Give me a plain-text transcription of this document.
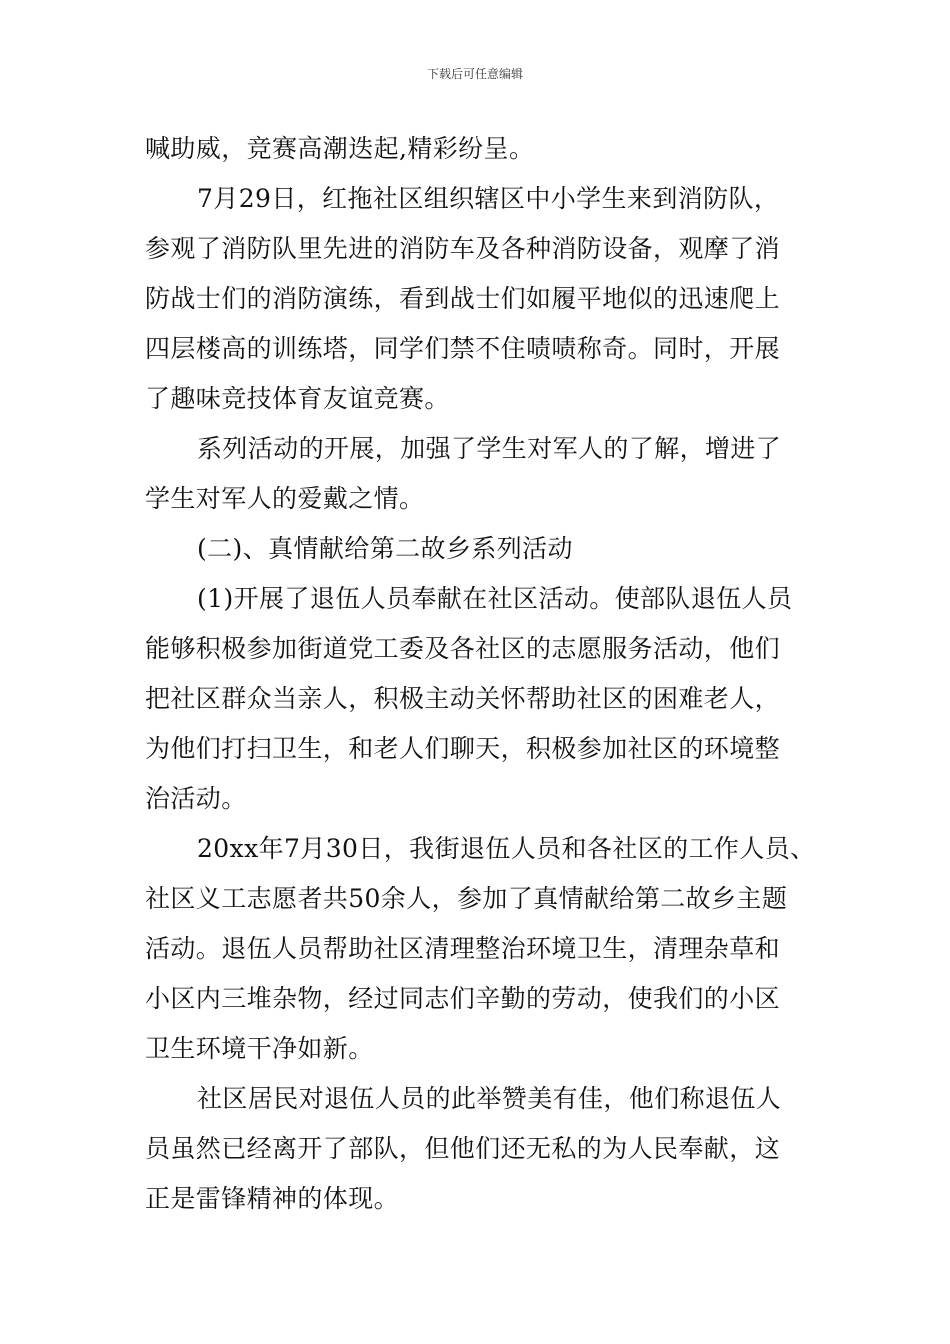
下载后可任意编辑
喊助威，竞赛高潮迭起,精彩纷呈。
7月29日，红拖社区组织辖区中小学生来到消防队，
参观了消防队里先进的消防车及各种消防设备，观摩了消
防战士们的消防演练，看到战士们如履平地似的迅速爬上
四层楼高的训练塔，同学们禁不住啧啧称奇。同时，开展
了趣味竞技体育友谊竞赛。
系列活动的开展，加强了学生对军人的了解，增进了
学生对军人的爱戴之情。
(二)、真情献给第二故乡系列活动
(1)开展了退伍人员奉献在社区活动。使部队退伍人员
能够积极参加街道党工委及各社区的志愿服务活动，他们
把社区群众当亲人，积极主动关怀帮助社区的困难老人，
为他们打扫卫生，和老人们聊天，积极参加社区的环境整
治活动。
20xx年7月30日，我街退伍人员和各社区的工作人员、
社区义工志愿者共50余人，参加了真情献给第二故乡主题
活动。退伍人员帮助社区清理整治环境卫生，清理杂草和
小区内三堆杂物，经过同志们辛勤的劳动，使我们的小区
卫生环境干净如新。
社区居民对退伍人员的此举赞美有佳，他们称退伍人
员虽然已经离开了部队，但他们还无私的为人民奉献，这
正是雷锋精神的体现。
